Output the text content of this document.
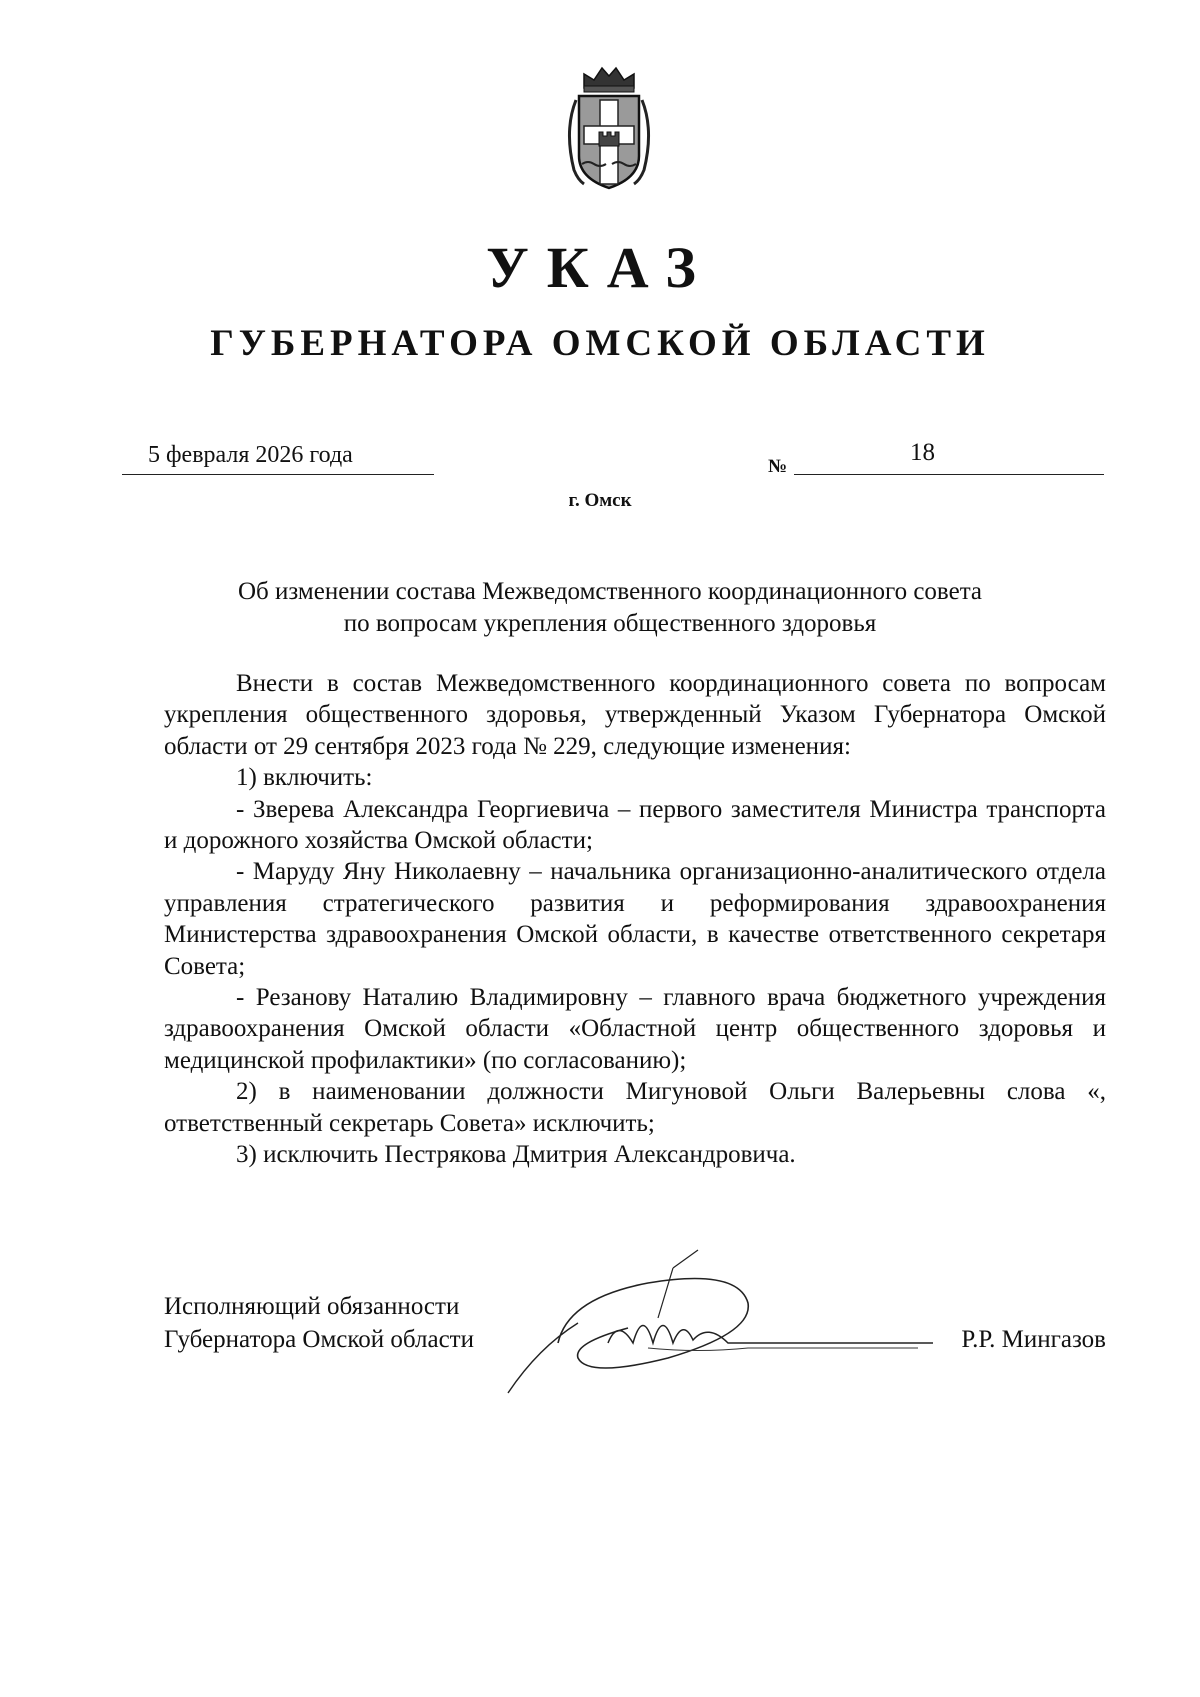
УКАЗ
ГУБЕРНАТОРА ОМСКОЙ ОБЛАСТИ
5 февраля 2026 года	№
18
г. Омск
Об изменении состава Межведомственного координационного совета
по вопросам укрепления общественного здоровья

Внести в состав Межведомственного координационного совета по вопросам укрепления общественного здоровья, утвержденный Указом Губернатора Омской области от 29 сентября 2023 года № 229, следующие изменения:

1) включить:

- Зверева Александра Георгиевича – первого заместителя Министра транспорта и дорожного хозяйства Омской области;

- Маруду Яну Николаевну – начальника организационно-аналитического отдела управления стратегического развития и реформирования здравоохранения Министерства здравоохранения Омской области, в качестве ответственного секретаря Совета;

- Резанову Наталию Владимировну – главного врача бюджетного учреждения здравоохранения Омской области «Областной центр общественного здоровья и медицинской профилактики» (по согласованию);

2) в наименовании должности Мигуновой Ольги Валерьевны слова «, ответственный секретарь Совета» исключить;

3) исключить Пестрякова Дмитрия Александровича.

Исполняющий обязанности
Губернатора Омской области	Р.Р. Мингазов
